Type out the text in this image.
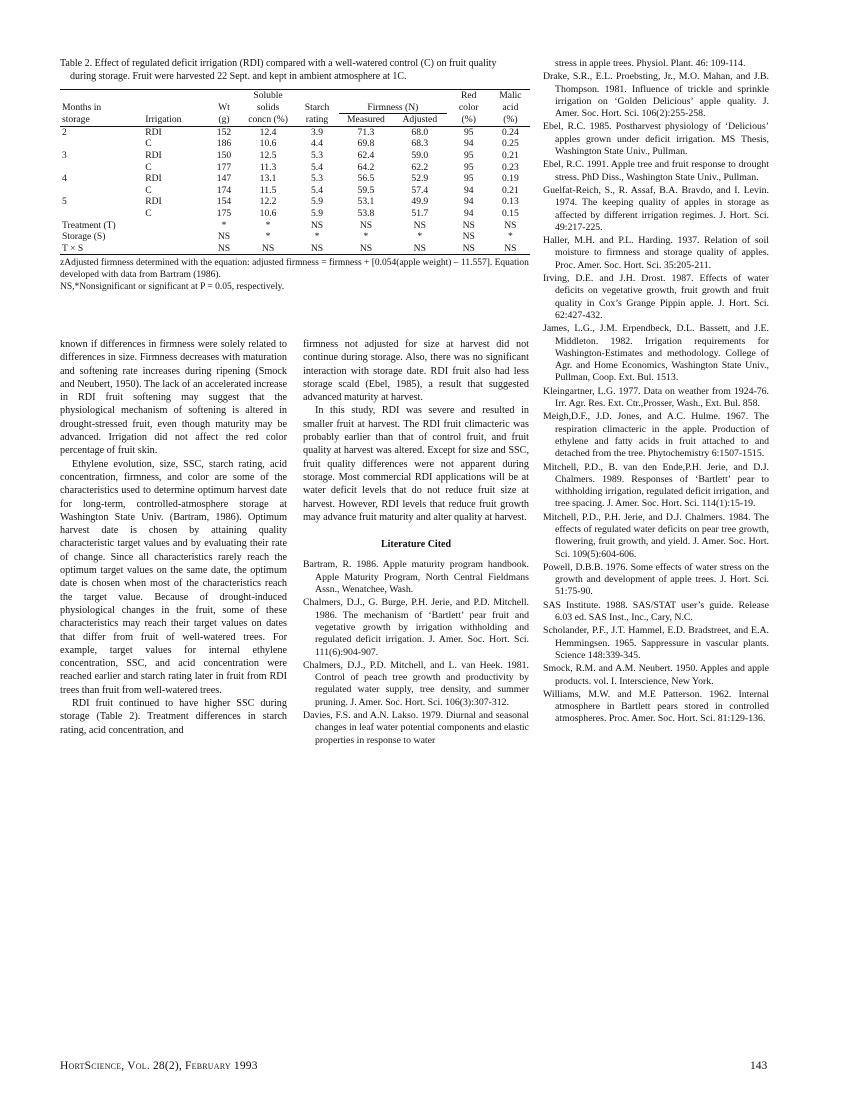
Table 2. Effect of regulated deficit irrigation (RDI) compared with a well-watered control (C) on fruit quality
during storage. Fruit were harvested 22 Sept. and kept in ambient atmosphere at 1C.
			Soluble				Red	Malic
Months in		Wt	solids	Starch	Firmness (N)		color	acid
storage	Irrigation	(g)	concn (%)	rating	Measured	Adjusted	(%)	(%)
2	RDI	152	12.4	3.9	71.3	68.0	95	0.24
	C	186	10.6	4.4	69.8	68.3	94	0.25
3	RDI	150	12.5	5.3	62.4	59.0	95	0.21
	C	177	11.3	5.4	64.2	62.2	95	0.23
4	RDI	147	13.1	5.3	56.5	52.9	95	0.19
	C	174	11.5	5.4	59.5	57.4	94	0.21
5	RDI	154	12.2	5.9	53.1	49.9	94	0.13
	C	175	10.6	5.9	53.8	51.7	94	0.15
Treatment (T)		*	*	NS	NS	NS	NS	NS
Storage (S)		NS	*	*	*	*	NS	*
T × S		NS	NS	NS	NS	NS	NS	NS
zAdjusted firmness determined with the equation: adjusted firmness = firmness + [0.054(apple weight) – 11.557]. Equation developed with data from Bartram (1986).
NS,*Nonsignificant or significant at P = 0.05, respectively.

known if differences in firmness were solely related to differences in size. Firmness decreases with maturation and softening rate increases during ripening (Smock and Neubert, 1950). The lack of an accelerated increase in RDI fruit softening may suggest that the physiological mechanism of softening is altered in drought-stressed fruit, even though maturity may be advanced. Irrigation did not affect the red color percentage of fruit skin.

Ethylene evolution, size, SSC, starch rating, acid concentration, firmness, and color are some of the characteristics used to determine optimum harvest date for long-term, controlled-atmosphere storage at Washington State Univ. (Bartram, 1986). Optimum harvest date is chosen by attaining quality characteristic target values and by evaluating their rate of change. Since all characteristics rarely reach the optimum target values on the same date, the optimum date is chosen when most of the characteristics reach the target value. Because of drought-induced physiological changes in the fruit, some of these characteristics may reach their target values on dates that differ from fruit of well-watered trees. For example, target values for internal ethylene concentration, SSC, and acid concentration were reached earlier and starch rating later in fruit from RDI trees than fruit from well-watered trees.

RDI fruit continued to have higher SSC during storage (Table 2). Treatment differences in starch rating, acid concentration, and

firmness not adjusted for size at harvest did not continue during storage. Also, there was no significant interaction with storage date. RDI fruit also had less storage scald (Ebel, 1985), a result that suggested advanced maturity at harvest.

In this study, RDI was severe and resulted in smaller fruit at harvest. The RDI fruit climacteric was probably earlier than that of control fruit, and fruit quality at harvest was altered. Except for size and SSC, fruit quality differences were not apparent during storage. Most commercial RDI applications will be at water deficit levels that do not reduce fruit size at harvest. However, RDI levels that reduce fruit growth may advance fruit maturity and alter quality at harvest.

Literature Cited
Bartram, R. 1986. Apple maturity program handbook. Apple Maturity Program, North Central Fieldmans Assn., Wenatchee, Wash.
Chalmers, D.J., G. Burge, P.H. Jerie, and P.D. Mitchell. 1986. The mechanism of ‘Bartlett’ pear fruit and vegetative growth by irrigation withholding and regulated deficit irrigation. J. Amer. Soc. Hort. Sci. 111(6):904-907.
Chalmers, D.J., P.D. Mitchell, and L. van Heek. 1981. Control of peach tree growth and productivity by regulated water supply, tree density, and summer pruning. J. Amer. Soc. Hort. Sci. 106(3):307-312.
Davies, F.S. and A.N. Lakso. 1979. Diurnal and seasonal changes in leaf water potential components and elastic properties in response to water
stress in apple trees. Physiol. Plant. 46: 109-114.
Drake, S.R., E.L. Proebsting, Jr., M.O. Mahan, and J.B. Thompson. 1981. Influence of trickle and sprinkle irrigation on ‘Golden Delicious’ apple quality. J. Amer. Soc. Hort. Sci. 106(2):255-258.
Ebel, R.C. 1985. Postharvest physiology of ‘Delicious’ apples grown under deficit irrigation. MS Thesis, Washington State Univ., Pullman.
Ebel, R.C. 1991. Apple tree and fruit response to drought stress. PhD Diss., Washington State Univ., Pullman.
Guelfat-Reich, S., R. Assaf, B.A. Bravdo, and I. Levin. 1974. The keeping quality of apples in storage as affected by different irrigation regimes. J. Hort. Sci. 49:217-225.
Haller, M.H. and P.L. Harding. 1937. Relation of soil moisture to firmness and storage quality of apples. Proc. Amer. Soc. Hort. Sci. 35:205-211.
Irving, D.E. and J.H. Drost. 1987. Effects of water deficits on vegetative growth, fruit growth and fruit quality in Cox’s Grange Pippin apple. J. Hort. Sci. 62:427-432.
James, L.G., J.M. Erpendbeck, D.L. Bassett, and J.E. Middleton. 1982. Irrigation requirements for Washington-Estimates and methodology. College of Agr. and Home Economics, Washington State Univ., Pullman, Coop. Ext. Bul. 1513.
Kleingartner, L.G. 1977. Data on weather from 1924-76. Irr. Agr. Res. Ext. Ctr.,Prosser, Wash., Ext. Bul. 858.
Meigh,D.F., J.D. Jones, and A.C. Hulme. 1967. The respiration climacteric in the apple. Production of ethylene and fatty acids in fruit attached to and detached from the tree. Phytochemistry 6:1507-1515.
Mitchell, P.D., B. van den Ende,P.H. Jerie, and D.J. Chalmers. 1989. Responses of ‘Bartlett’ pear to withholding irrigation, regulated deficit irrigation, and tree spacing. J. Amer. Soc. Hort. Sci. 114(1):15-19.
Mitchell, P.D., P.H. Jerie, and D.J. Chalmers. 1984. The effects of regulated water deficits on pear tree growth, flowering, fruit growth, and yield. J. Amer. Soc. Hort. Sci. 109(5):604-606.
Powell, D.B.B. 1976. Some effects of water stress on the growth and development of apple trees. J. Hort. Sci. 51:75-90.
SAS Institute. 1988. SAS/STAT user’s guide. Release 6.03 ed. SAS Inst., Inc., Cary, N.C.
Scholander, P.F., J.T. Hammel, E.D. Bradstreet, and E.A. Hemmingsen. 1965. Sappressure in vascular plants. Science 148:339-345.
Smock, R.M. and A.M. Neubert. 1950. Apples and apple products. vol. I. Interscience, New York.
Williams, M.W. and M.E Patterson. 1962. Internal atmosphere in Bartlett pears stored in controlled atmospheres. Proc. Amer. Soc. Hort. Sci. 81:129-136.
HortScience, Vol. 28(2), February 1993	143
